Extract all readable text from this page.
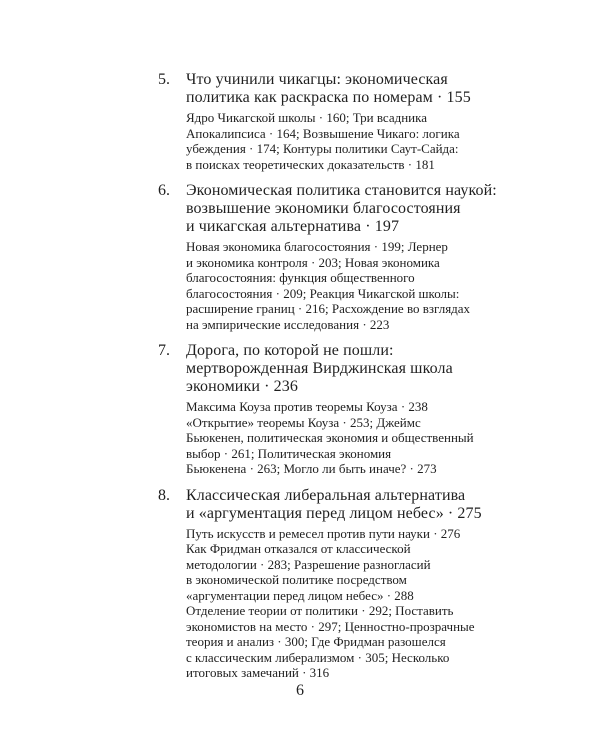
5. Что учинили чикагцы: экономическая
политика как раскраска по номерам · 155
Ядро Чикагской школы · 160; Три всадника
Апокалипсиса · 164; Возвышение Чикаго: логика
убеждения · 174; Контуры политики Саут-Сайда:
в поисках теоретических доказательств · 181
6. Экономическая политика становится наукой:
возвышение экономики благосостояния
и чикагская альтернатива · 197
Новая экономика благосостояния · 199; Лернер
и экономика контроля · 203; Новая экономика
благосостояния: функция общественного
благосостояния · 209; Реакция Чикагской школы:
расширение границ · 216; Расхождение во взглядах
на эмпирические исследования · 223
7. Дорога, по которой не пошли:
мертворожденная Вирджинская школа
экономики · 236
Максима Коуза против теоремы Коуза · 238
«Открытие» теоремы Коуза · 253; Джеймс
Бьюкенен, политическая экономия и общественный
выбор · 261; Политическая экономия
Бьюкенена · 263; Могло ли быть иначе? · 273
8. Классическая либеральная альтернатива
и «аргументация перед лицом небес» · 275
Путь искусств и ремесел против пути науки · 276
Как Фридман отказался от классической
методологии · 283; Разрешение разногласий
в экономической политике посредством
«аргументации перед лицом небес» · 288
Отделение теории от политики · 292; Поставить
экономистов на место · 297; Ценностно-прозрачные
теория и анализ · 300; Где Фридман разошелся
с классическим либерализмом · 305; Несколько
итоговых замечаний · 316
6
